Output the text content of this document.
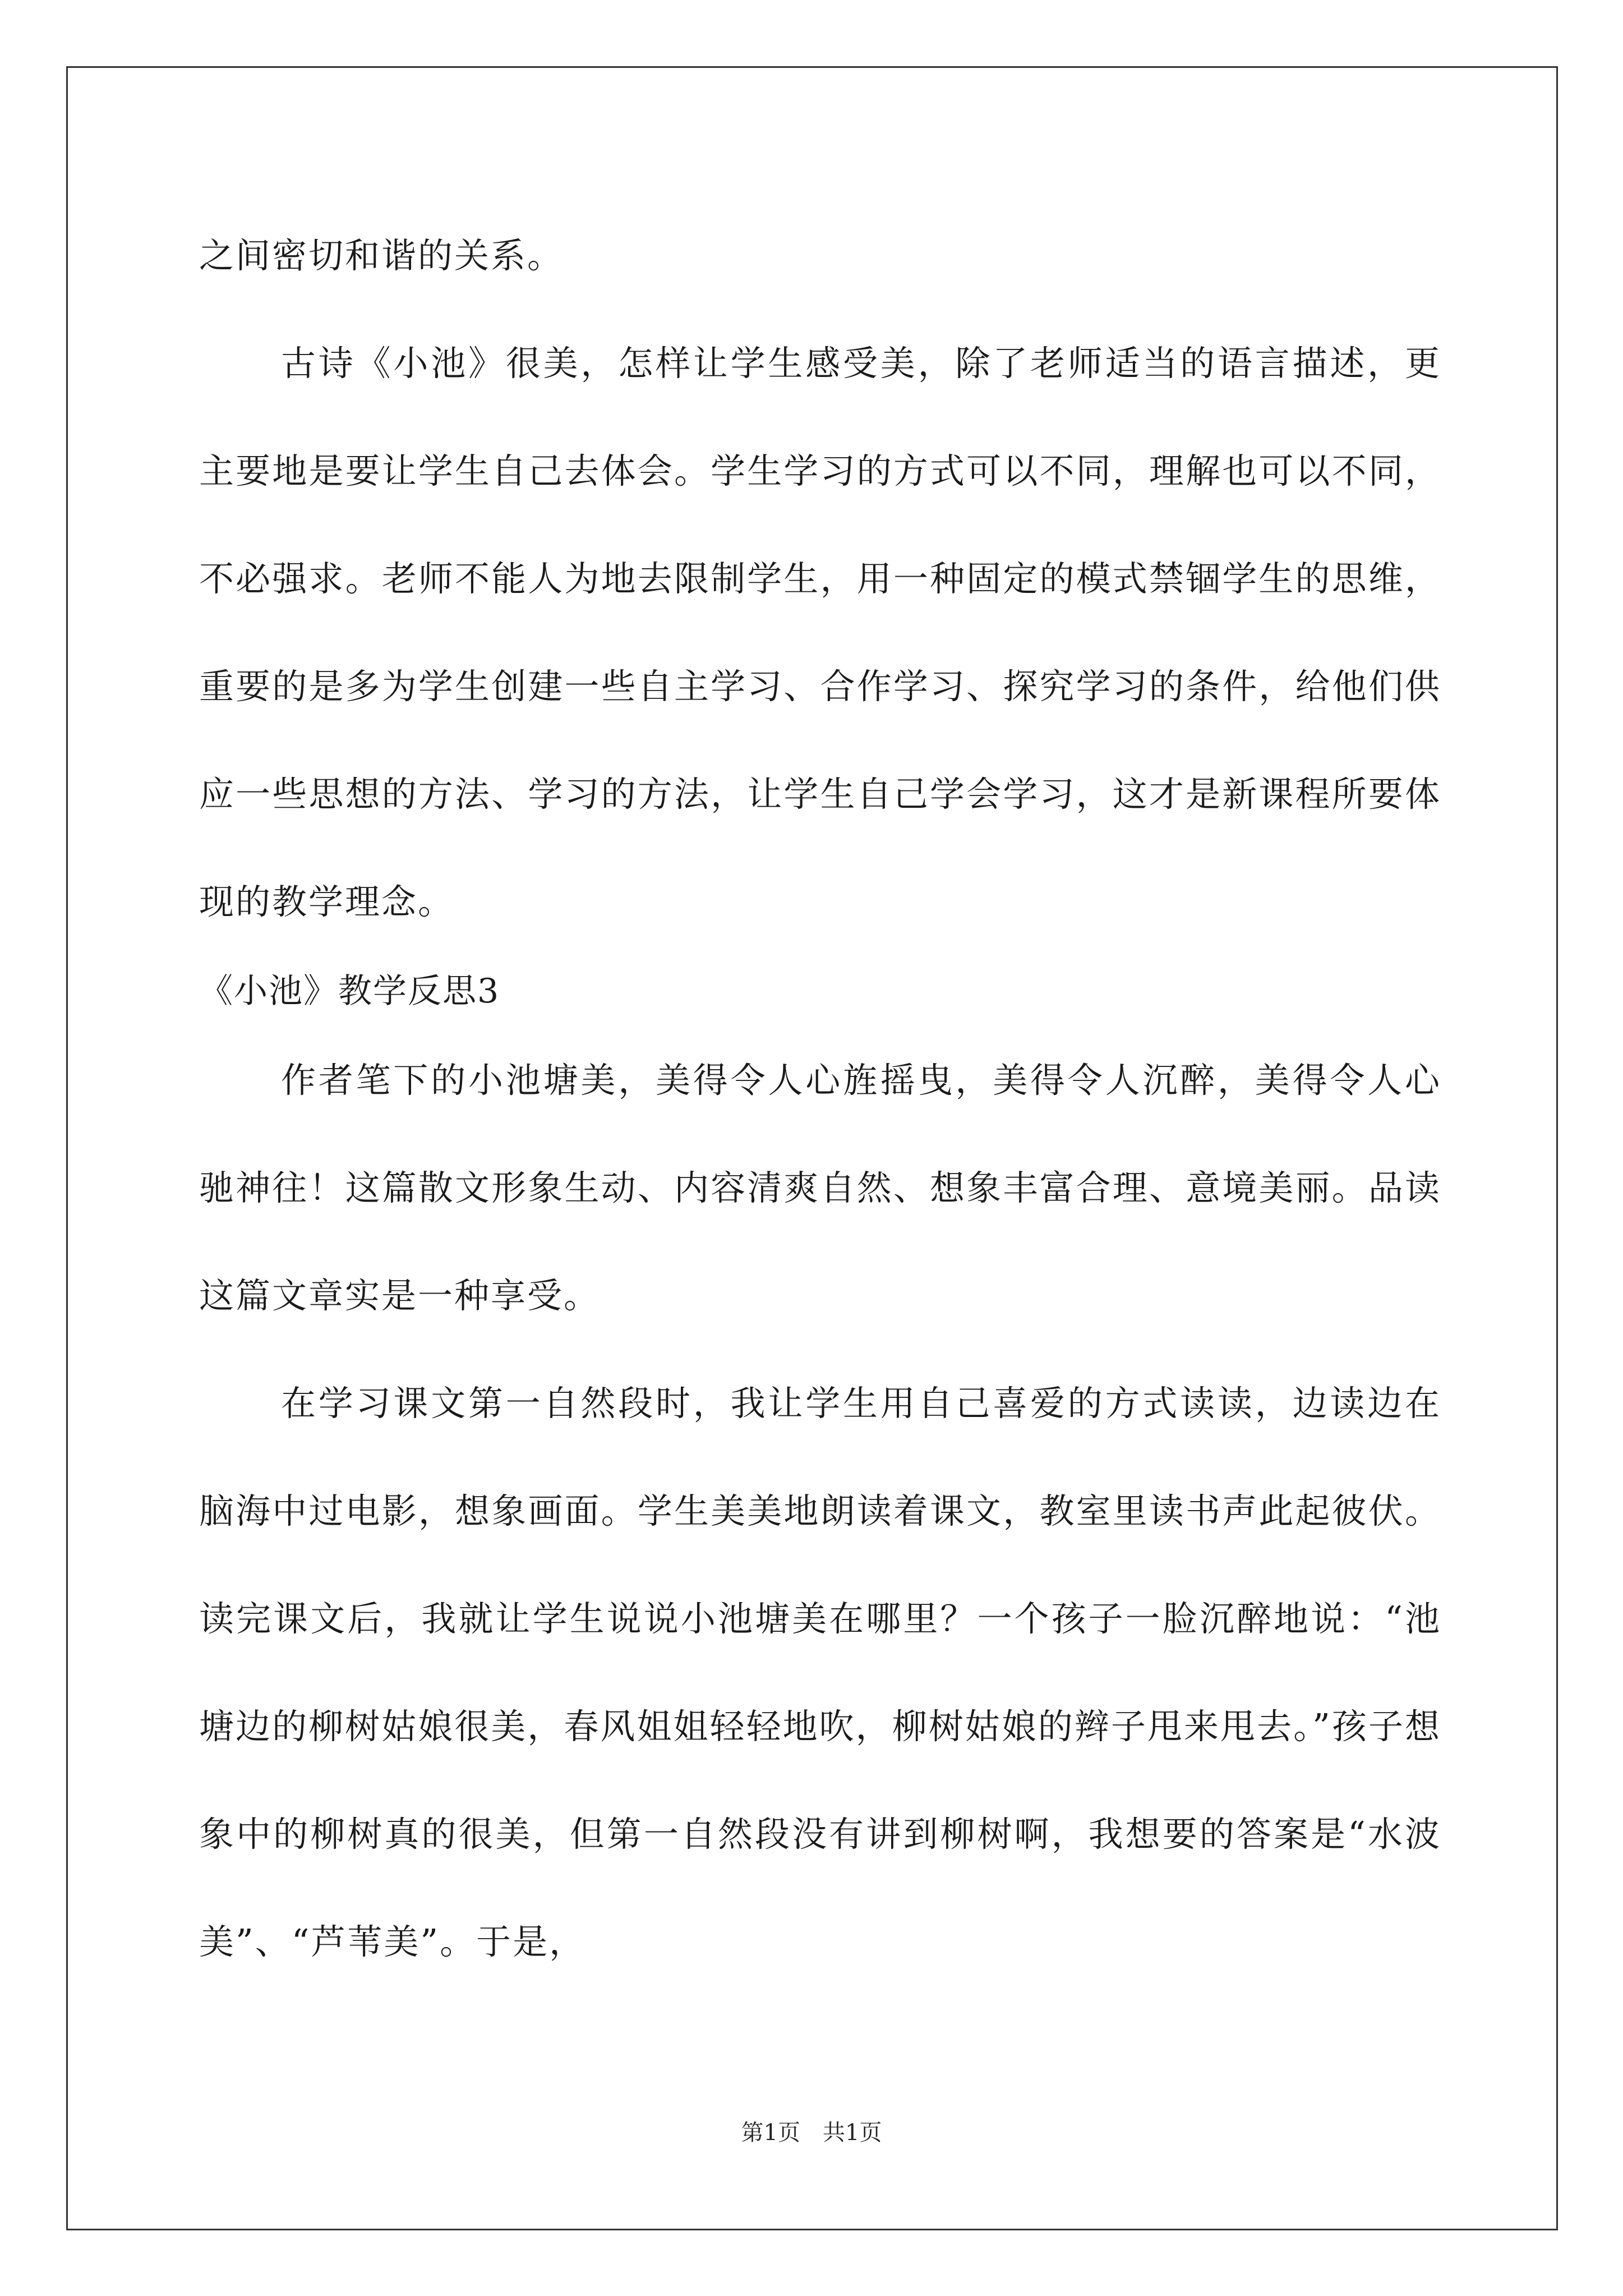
之间密切和谐的关系。

古诗《小池》很美，怎样让学生感受美，除了老师适当的语言描述，更主要地是要让学生自己去体会。学生学习的方式可以不同，理解也可以不同，不必强求。老师不能人为地去限制学生，用一种固定的模式禁锢学生的思维，重要的是多为学生创建一些自主学习、合作学习、探究学习的条件，给他们供应一些思想的方法、学习的方法，让学生自己学会学习，这才是新课程所要体现的教学理念。

《小池》教学反思3

作者笔下的小池塘美，美得令人心旌摇曳，美得令人沉醉，美得令人心驰神往！这篇散文形象生动、内容清爽自然、想象丰富合理、意境美丽。品读这篇文章实是一种享受。

在学习课文第一自然段时，我让学生用自己喜爱的方式读读，边读边在脑海中过电影，想象画面。学生美美地朗读着课文，教室里读书声此起彼伏。读完课文后，我就让学生说说小池塘美在哪里？一个孩子一脸沉醉地说：“池塘边的柳树姑娘很美，春风姐姐轻轻地吹，柳树姑娘的辫子甩来甩去。”孩子想象中的柳树真的很美，但第一自然段没有讲到柳树啊，我想要的答案是“水波美”、“芦苇美”。于是，

第1页　共1页
